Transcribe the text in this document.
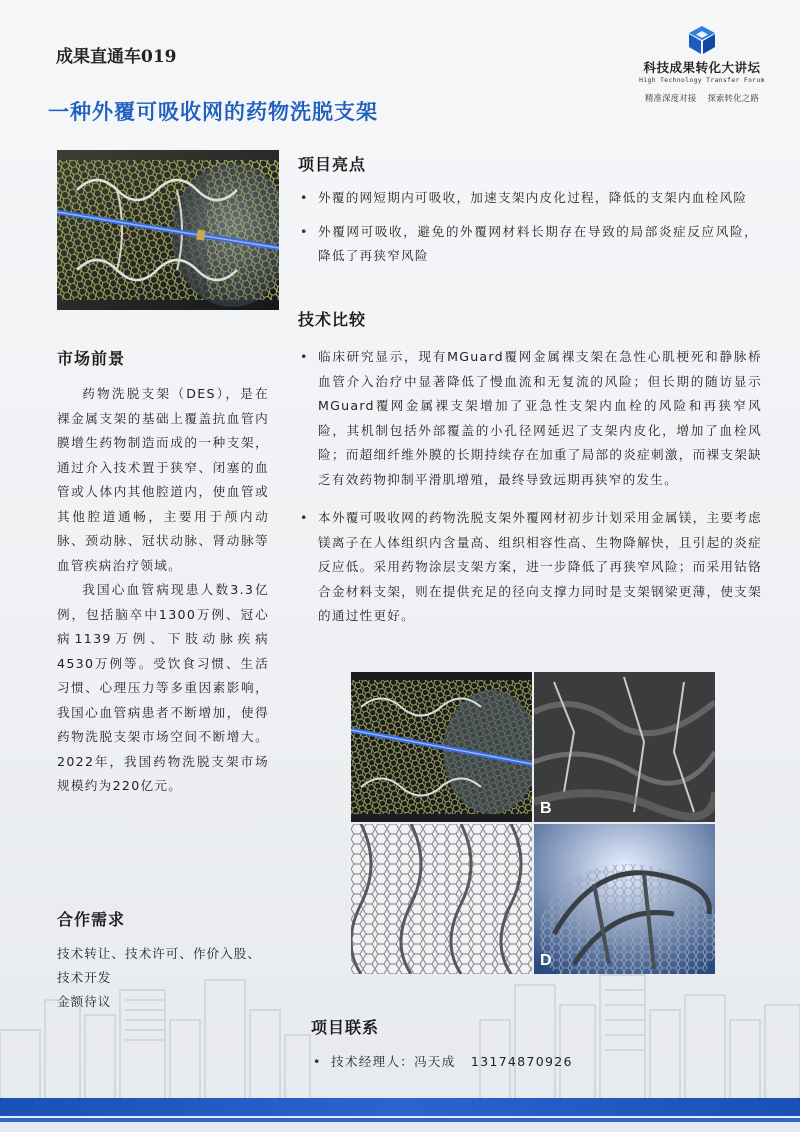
成果直通车019
科技成果转化大讲坛
High Technology Transfer Forum
精准深度对接 探索转化之路
一种外覆可吸收网的药物洗脱支架
市场前景

药物洗脱支架（DES），是在裸金属支架的基础上覆盖抗血管内膜增生药物制造而成的一种支架，通过介入技术置于狭窄、闭塞的血管或人体内其他腔道内，使血管或其他腔道通畅，主要用于颅内动脉、颈动脉、冠状动脉、肾动脉等血管疾病治疗领域。

我国心血管病现患人数3.3亿例，包括脑卒中1300万例、冠心病1139万例、下肢动脉疾病4530万例等。受饮食习惯、生活习惯、心理压力等多重因素影响，我国心血管病患者不断增加，使得药物洗脱支架市场空间不断增大。2022年，我国药物洗脱支架市场规模约为220亿元。

合作需求

技术转让、技术许可、作价入股、技术开发

金额待议

项目亮点
• 外覆的网短期内可吸收，加速支架内皮化过程，降低的支架内血栓风险
• 外覆网可吸收，避免的外覆网材料长期存在导致的局部炎症反应风险，降低了再狭窄风险
技术比较
• 临床研究显示，现有MGuard覆网金属裸支架在急性心肌梗死和静脉桥血管介入治疗中显著降低了慢血流和无复流的风险；但长期的随访显示MGuard覆网金属裸支架增加了亚急性支架内血栓的风险和再狭窄风险，其机制包括外部覆盖的小孔径网延迟了支架内皮化，增加了血栓风险；而超细纤维外膜的长期持续存在加重了局部的炎症刺激，而裸支架缺乏有效药物抑制平滑肌增殖，最终导致远期再狭窄的发生。
• 本外覆可吸收网的药物洗脱支架外覆网材初步计划采用金属镁，主要考虑镁离子在人体组织内含量高、组织相容性高、生物降解快，且引起的炎症反应低。采用药物涂层支架方案，进一步降低了再狭窄风险；而采用钴铬合金材料支架，则在提供充足的径向支撑力同时是支架钢梁更薄，使支架的通过性更好。
B
D
项目联系
• 技术经理人：冯天成 13174870926
